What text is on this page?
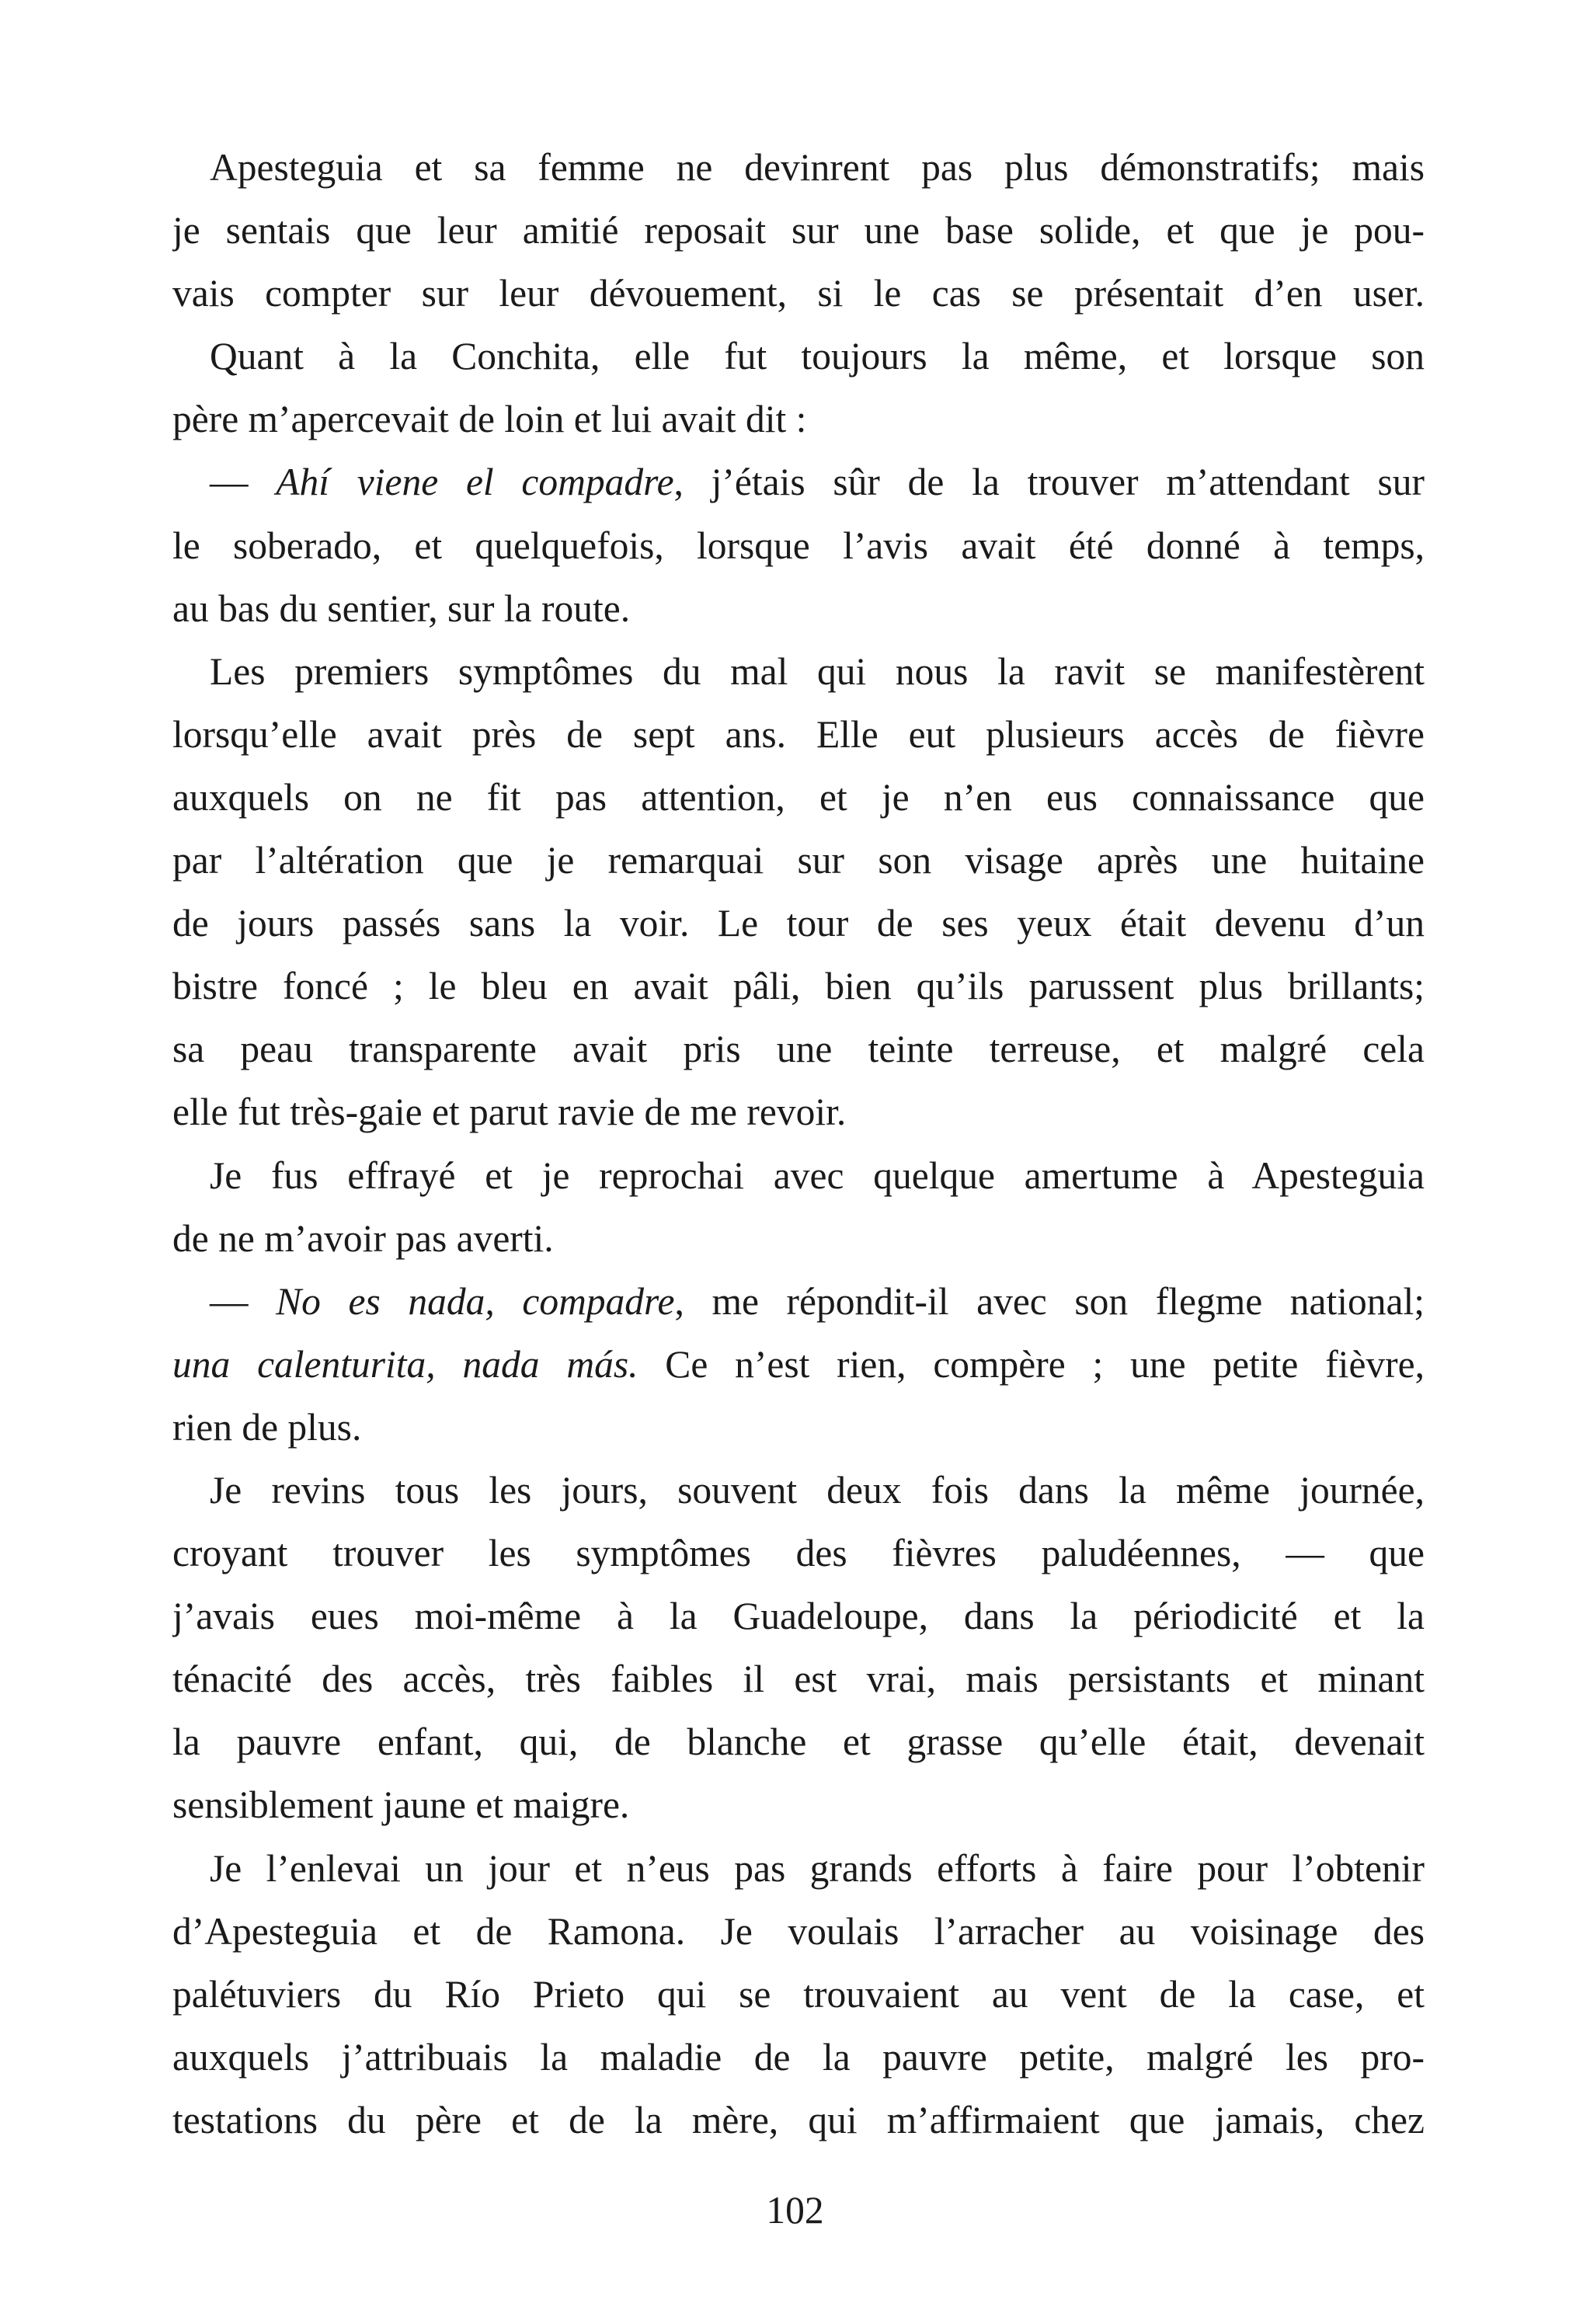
Apesteguia et sa femme ne devinrent pas plus démonstratifs; mais
je sentais que leur amitié reposait sur une base solide, et que je pou-
vais compter sur leur dévouement, si le cas se présentait d’en user.
Quant à la Conchita, elle fut toujours la même, et lorsque son
père m’apercevait de loin et lui avait dit :
— Ahí viene el compadre, j’étais sûr de la trouver m’attendant sur
le soberado, et quelquefois, lorsque l’avis avait été donné à temps,
au bas du sentier, sur la route.
Les premiers symptômes du mal qui nous la ravit se manifestèrent
lorsqu’elle avait près de sept ans. Elle eut plusieurs accès de fièvre
auxquels on ne fit pas attention, et je n’en eus connaissance que
par l’altération que je remarquai sur son visage après une huitaine
de jours passés sans la voir. Le tour de ses yeux était devenu d’un
bistre foncé ; le bleu en avait pâli, bien qu’ils parussent plus brillants;
sa peau transparente avait pris une teinte terreuse, et malgré cela
elle fut très-gaie et parut ravie de me revoir.
Je fus effrayé et je reprochai avec quelque amertume à Apesteguia
de ne m’avoir pas averti.
— No es nada, compadre, me répondit-il avec son flegme national;
una calenturita, nada más. Ce n’est rien, compère ; une petite fièvre,
rien de plus.
Je revins tous les jours, souvent deux fois dans la même journée,
croyant trouver les symptômes des fièvres paludéennes, — que
j’avais eues moi-même à la Guadeloupe, dans la périodicité et la
ténacité des accès, très faibles il est vrai, mais persistants et minant
la pauvre enfant, qui, de blanche et grasse qu’elle était, devenait
sensiblement jaune et maigre.
Je l’enlevai un jour et n’eus pas grands efforts à faire pour l’obtenir
d’Apesteguia et de Ramona. Je voulais l’arracher au voisinage des
palétuviers du Río Prieto qui se trouvaient au vent de la case, et
auxquels j’attribuais la maladie de la pauvre petite, malgré les pro-
testations du père et de la mère, qui m’affirmaient que jamais, chez
102
